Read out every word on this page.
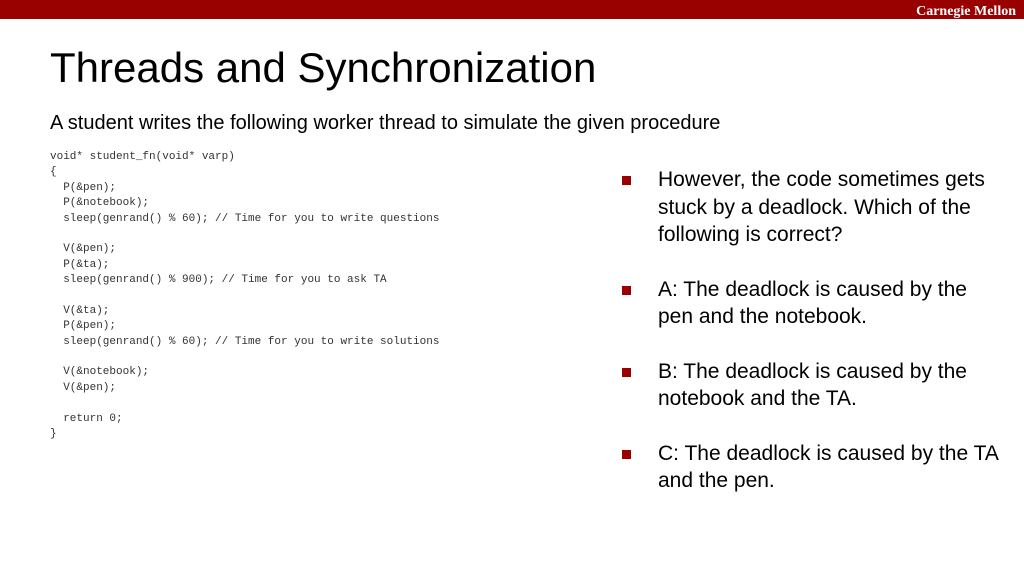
Carnegie Mellon
Threads and Synchronization
A student writes the following worker thread to simulate the given procedure
void* student_fn(void* varp)
{
P(&pen);
P(&notebook);
sleep(genrand() % 60); // Time for you to write questions
V(&pen);
P(&ta);
sleep(genrand() % 900); // Time for you to ask TA
V(&ta);
P(&pen);
sleep(genrand() % 60); // Time for you to write solutions
V(&notebook);
V(&pen);
return 0;
}
However, the code sometimes gets stuck by a deadlock. Which of the following is correct?
A: The deadlock is caused by the pen and the notebook.
B: The deadlock is caused by the notebook and the TA.
C: The deadlock is caused by the TA and the pen.
